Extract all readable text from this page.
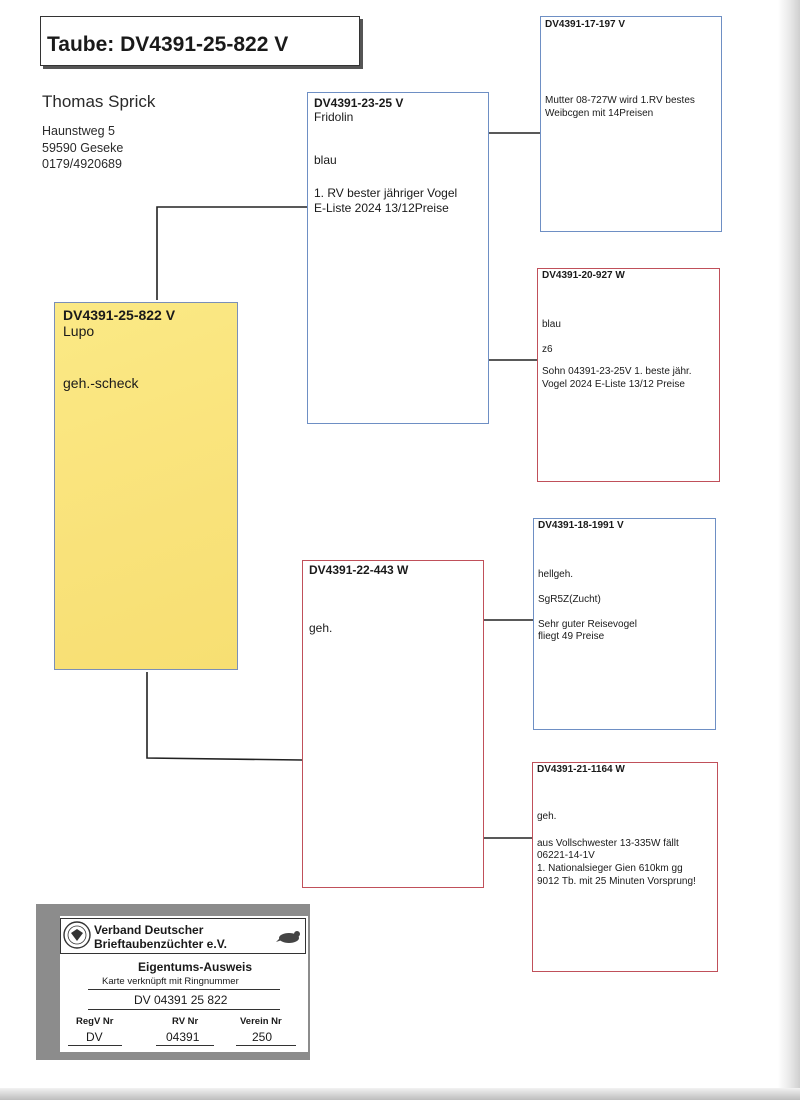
Taube: DV4391-25-822 V
Thomas Sprick
Haunstweg 5
59590 Geseke
0179/4920689
DV4391-25-822 V
Lupo
geh.-scheck
DV4391-23-25 V
Fridolin
blau
1. RV bester jähriger Vogel
E-Liste 2024 13/12Preise
DV4391-22-443 W
geh.
DV4391-17-197 V
Mutter 08-727W wird 1.RV bestes
Weibcgen mit 14Preisen
DV4391-20-927 W
blau
z6
Sohn 04391-23-25V 1. beste jähr.
Vogel 2024 E-Liste 13/12 Preise
DV4391-18-1991 V
hellgeh.
SgR5Z(Zucht)
Sehr guter Reisevogel
fliegt 49 Preise
DV4391-21-1164 W
geh.
aus Vollschwester 13-335W fällt
06221-14-1V
1. Nationalsieger Gien 610km gg
9012 Tb. mit 25 Minuten Vorsprung!
Verband Deutscher
Brieftaubenzüchter e.V.
Eigentums-Ausweis
Karte verknüpft mit Ringnummer
DV 04391 25 822
RegV Nr	RV Nr	Verein Nr
DV	04391	250
